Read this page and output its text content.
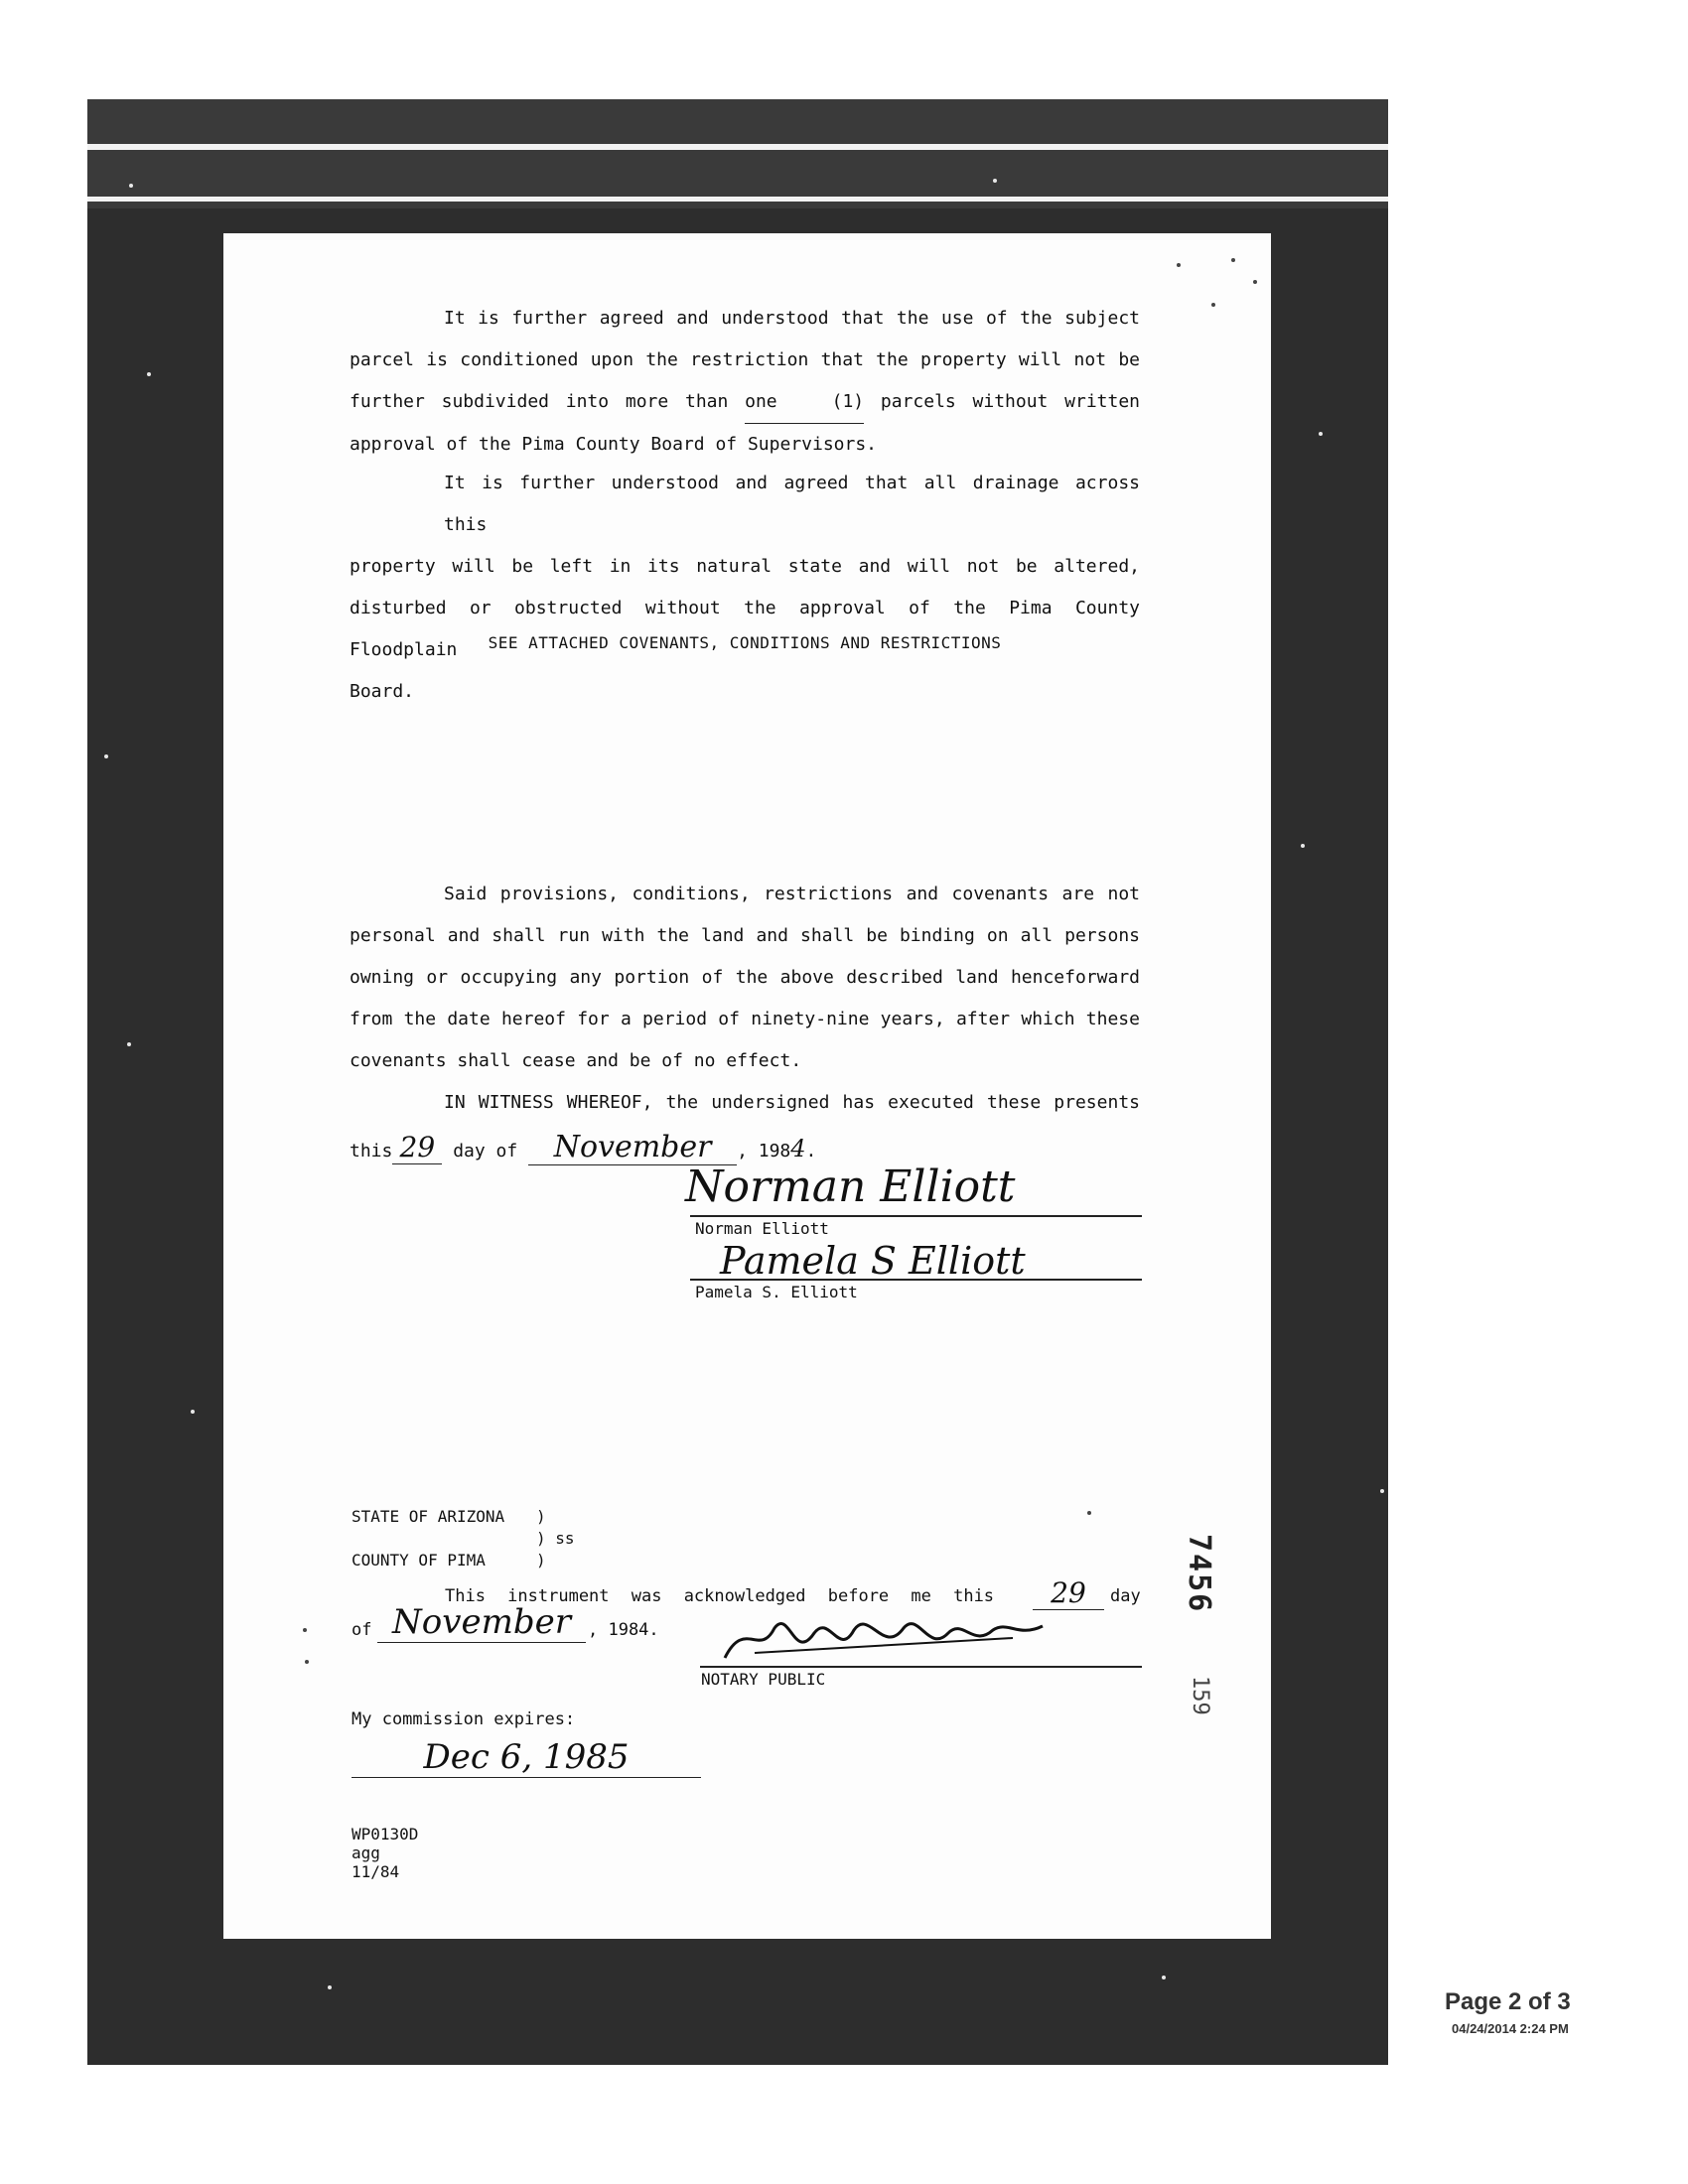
It is further agreed and understood that the use of the subject
parcel is conditioned upon the restriction that the property will not be
further subdivided into more than one (1) parcels without written
approval of the Pima County Board of Supervisors.
It is further understood and agreed that all drainage across this
property will be left in its natural state and will not be altered,
disturbed or obstructed without the approval of the Pima County Floodplain
Board.
SEE ATTACHED COVENANTS, CONDITIONS AND RESTRICTIONS
Said provisions, conditions, restrictions and covenants are not
personal and shall run with the land and shall be binding on all persons
owning or occupying any portion of the above described land henceforward
from the date hereof for a period of ninety-nine years, after which these
covenants shall cease and be of no effect.
IN WITNESS WHEREOF, the undersigned has executed these presents
this 29 day of November , 1984.
Norman Elliott
Norman Elliott
Pamela S Elliott
Pamela S. Elliott
STATE OF ARIZONA )
) ss
COUNTY OF PIMA	)
This instrument was acknowledged before me this	29	day
of November	, 1984.
NOTARY PUBLIC
My commission expires:
Dec 6, 1985
WP0130D
agg
11/84
7456
159
Page 2 of 3
04/24/2014 2:24 PM
